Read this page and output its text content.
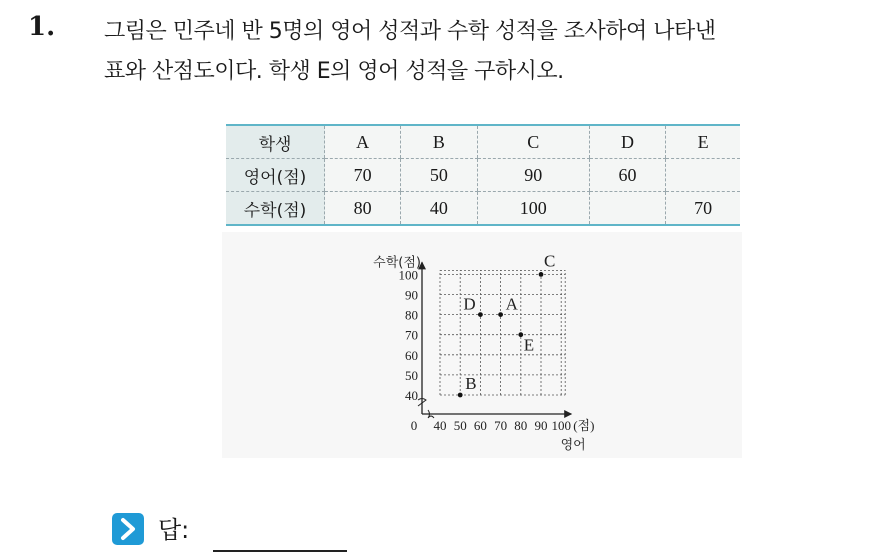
1. 그림은 민주네 반 5명의 영어 성적과 수학 성적을 조사하여 나타낸
표와 산점도이다. 학생 E의 영어 성적을 구하시오.
학생	A	B	C	D	E
영어(점)	70	50	90	60	
수학(점)	80	40	100		70
40
50
60
70
80
90
100
40 50 60 70 80 90 100
0
수학(점)
(점)
영어
A
B
C
D
E
답:
